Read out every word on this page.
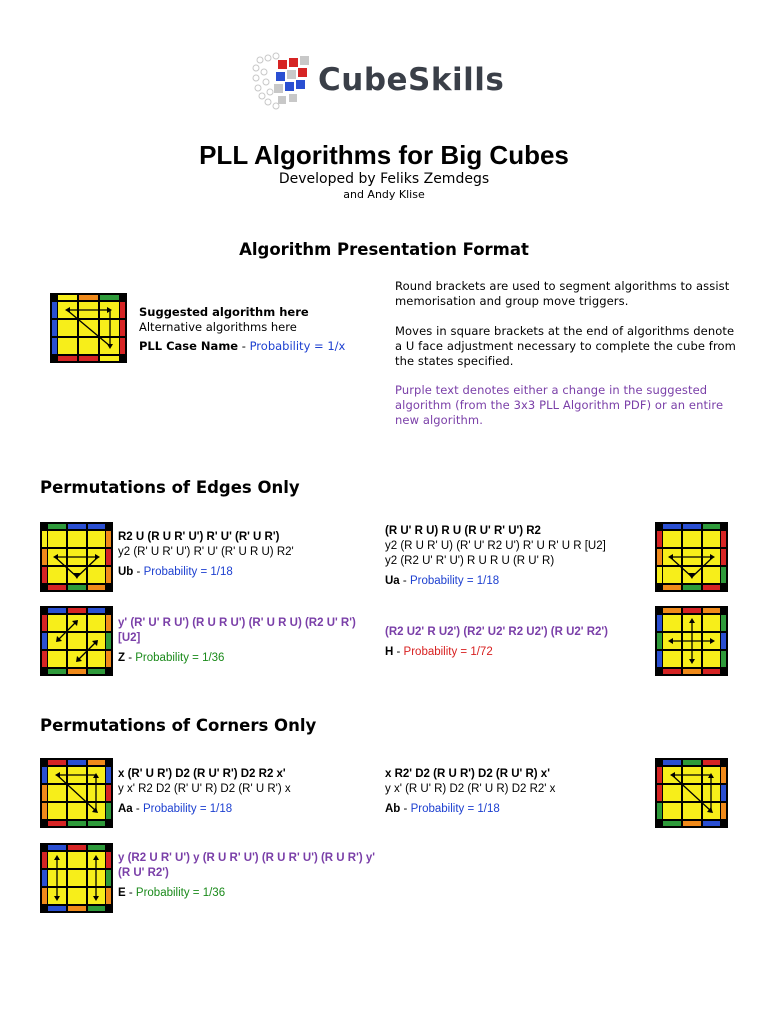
CubeSkills
PLL Algorithms for Big Cubes
Developed by Feliks Zemdegs
and Andy Klise
Algorithm Presentation Format
Suggested algorithm here
Alternative algorithms here
PLL Case Name - Probability = 1/x
Round brackets are used to segment algorithms to assist memorisation and group move triggers.
Moves in square brackets at the end of algorithms denote a U face adjustment necessary to complete the cube from the states specified.
Purple text denotes either a change in the suggested algorithm (from the 3x3 PLL Algorithm PDF) or an entire new algorithm.
Permutations of Edges Only
R2 U (R U R' U') R' U' (R' U R')
y2 (R' U R' U') R' U' (R' U R U) R2'
Ub - Probability = 1/18
(R U' R U) R U (R U' R' U') R2
y2 (R U R' U) (R' U' R2 U') R' U R' U R [U2]
y2 (R2 U' R' U') R U R U (R U' R)
Ua - Probability = 1/18
y' (R' U' R U') (R U R U') (R' U R U) (R2 U' R') [U2]
Z - Probability = 1/36
(R2 U2' R U2') (R2' U2' R2 U2') (R U2' R2')
H - Probability = 1/72
Permutations of Corners Only
x (R' U R') D2 (R U' R') D2 R2 x'
y x' R2 D2 (R' U' R) D2 (R' U R') x
Aa - Probability = 1/18
x R2' D2 (R U R') D2 (R U' R) x'
y x' (R U' R) D2 (R' U R) D2 R2' x
Ab - Probability = 1/18
y (R2 U R' U') y (R U R' U') (R U R' U') (R U R') y' (R U' R2')
E - Probability = 1/36
